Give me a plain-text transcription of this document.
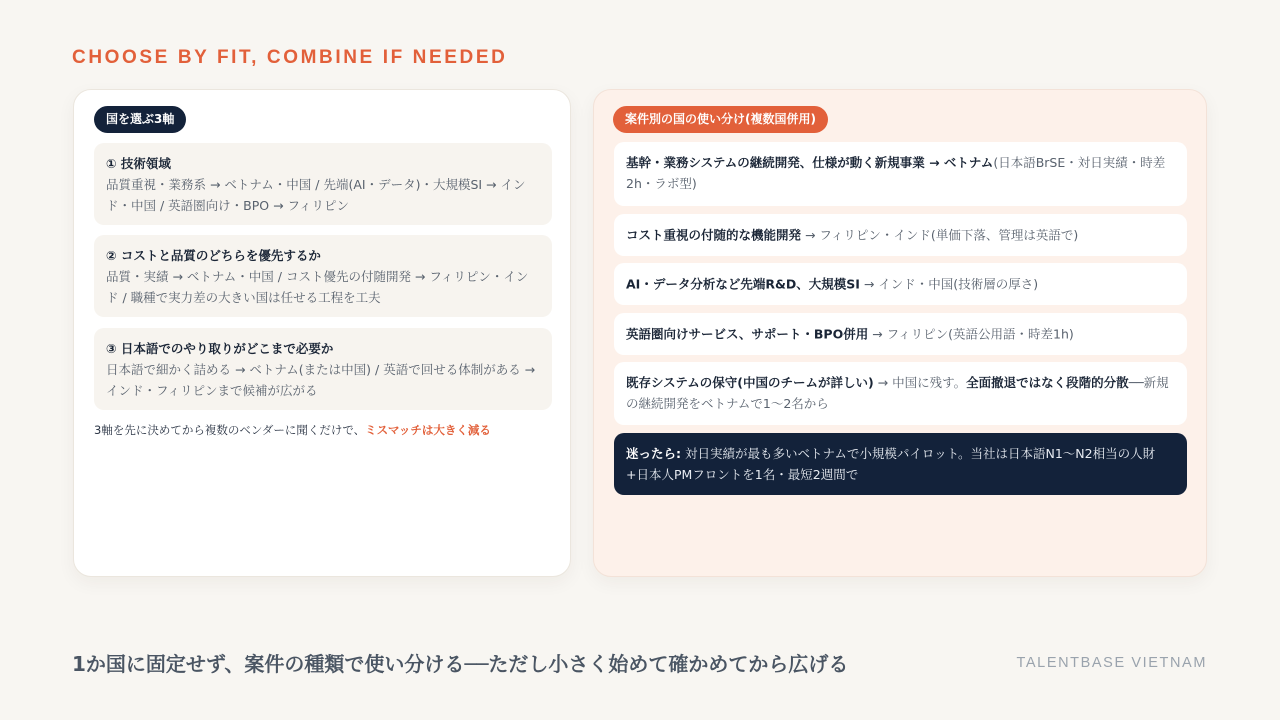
CHOOSE BY FIT, COMBINE IF NEEDED
国を選ぶ3軸
① 技術領域
品質重視・業務系 → ベトナム・中国 / 先端(AI・データ)・大規模SI → インド・中国 / 英語圏向け・BPO → フィリピン
② コストと品質のどちらを優先するか
品質・実績 → ベトナム・中国 / コスト優先の付随開発 → フィリピン・インド / 職種で実力差の大きい国は任せる工程を工夫
③ 日本語でのやり取りがどこまで必要か
日本語で細かく詰める → ベトナム(または中国) / 英語で回せる体制がある → インド・フィリピンまで候補が広がる
3軸を先に決めてから複数のベンダーに聞くだけで、ミスマッチは大きく減る
案件別の国の使い分け(複数国併用)
基幹・業務システムの継続開発、仕様が動く新規事業 → ベトナム(日本語BrSE・対日実績・時差2h・ラボ型)
コスト重視の付随的な機能開発 → フィリピン・インド(単価下落、管理は英語で)
AI・データ分析など先端R&D、大規模SI → インド・中国(技術層の厚さ)
英語圏向けサービス、サポート・BPO併用 → フィリピン(英語公用語・時差1h)
既存システムの保守(中国のチームが詳しい) → 中国に残す。全面撤退ではなく段階的分散──新規の継続開発をベトナムで1〜2名から
迷ったら: 対日実績が最も多いベトナムで小規模パイロット。当社は日本語N1〜N2相当の人財+日本人PMフロントを1名・最短2週間で
1か国に固定せず、案件の種類で使い分ける──ただし小さく始めて確かめてから広げる	TALENTBASE VIETNAM
